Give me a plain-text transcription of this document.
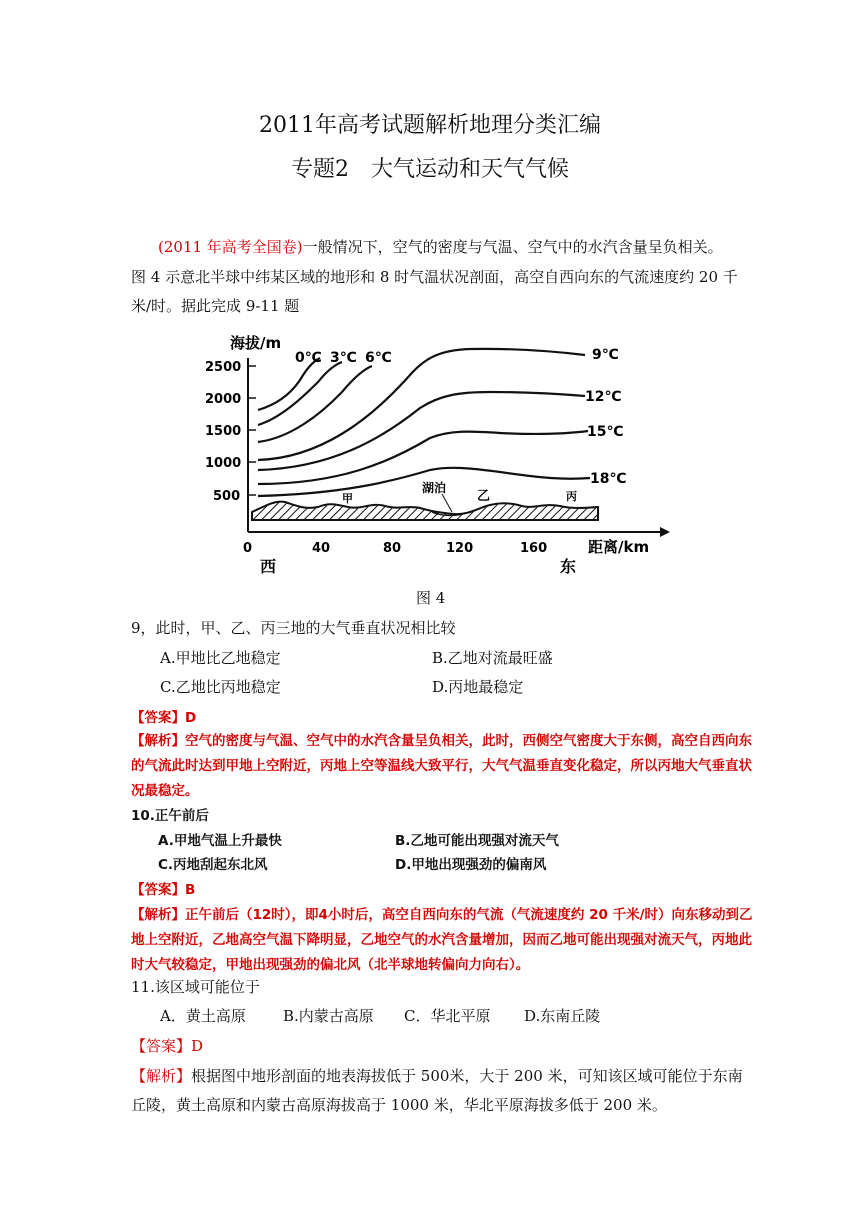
2011年高考试题解析地理分类汇编
专题2　大气运动和天气气候
(2011 年高考全国卷)一般情况下，空气的密度与气温、空气中的水汽含量呈负相关。
图 4 示意北半球中纬某区域的地形和 8 时气温状况剖面，高空自西向东的气流速度约 20 千
米/时。据此完成 9-11 题
海拔/m
2500
2000
1500
1000
500
0	40	80	120	160	距离/km
西	东
甲
湖泊
乙	丙
0℃ 3℃ 6℃	9℃
12℃
15℃
18℃
图 4
9，此时，甲、乙、丙三地的大气垂直状况相比较
A.甲地比乙地稳定	B.乙地对流最旺盛
C.乙地比丙地稳定	D.丙地最稳定
【答案】D
【解析】空气的密度与气温、空气中的水汽含量呈负相关，此时，西侧空气密度大于东侧，高空自西向东
的气流此时达到甲地上空附近，丙地上空等温线大致平行，大气气温垂直变化稳定，所以丙地大气垂直状
况最稳定。
10.正午前后
A.甲地气温上升最快	B.乙地可能出现强对流天气
C.丙地刮起东北风	D.甲地出现强劲的偏南风
【答案】B
【解析】正午前后（12时），即4小时后，高空自西向东的气流（气流速度约 20 千米/时）向东移动到乙
地上空附近，乙地高空气温下降明显，乙地空气的水汽含量增加，因而乙地可能出现强对流天气，丙地此
时大气较稳定，甲地出现强劲的偏北风（北半球地转偏向力向右）。
11.该区域可能位于
A．黄土高原 B.内蒙古高原 C．华北平原 D.东南丘陵
【答案】D
【解析】根据图中地形剖面的地表海拔低于 500米，大于 200 米，可知该区域可能位于东南
丘陵，黄土高原和内蒙古高原海拔高于 1000 米，华北平原海拔多低于 200 米。
